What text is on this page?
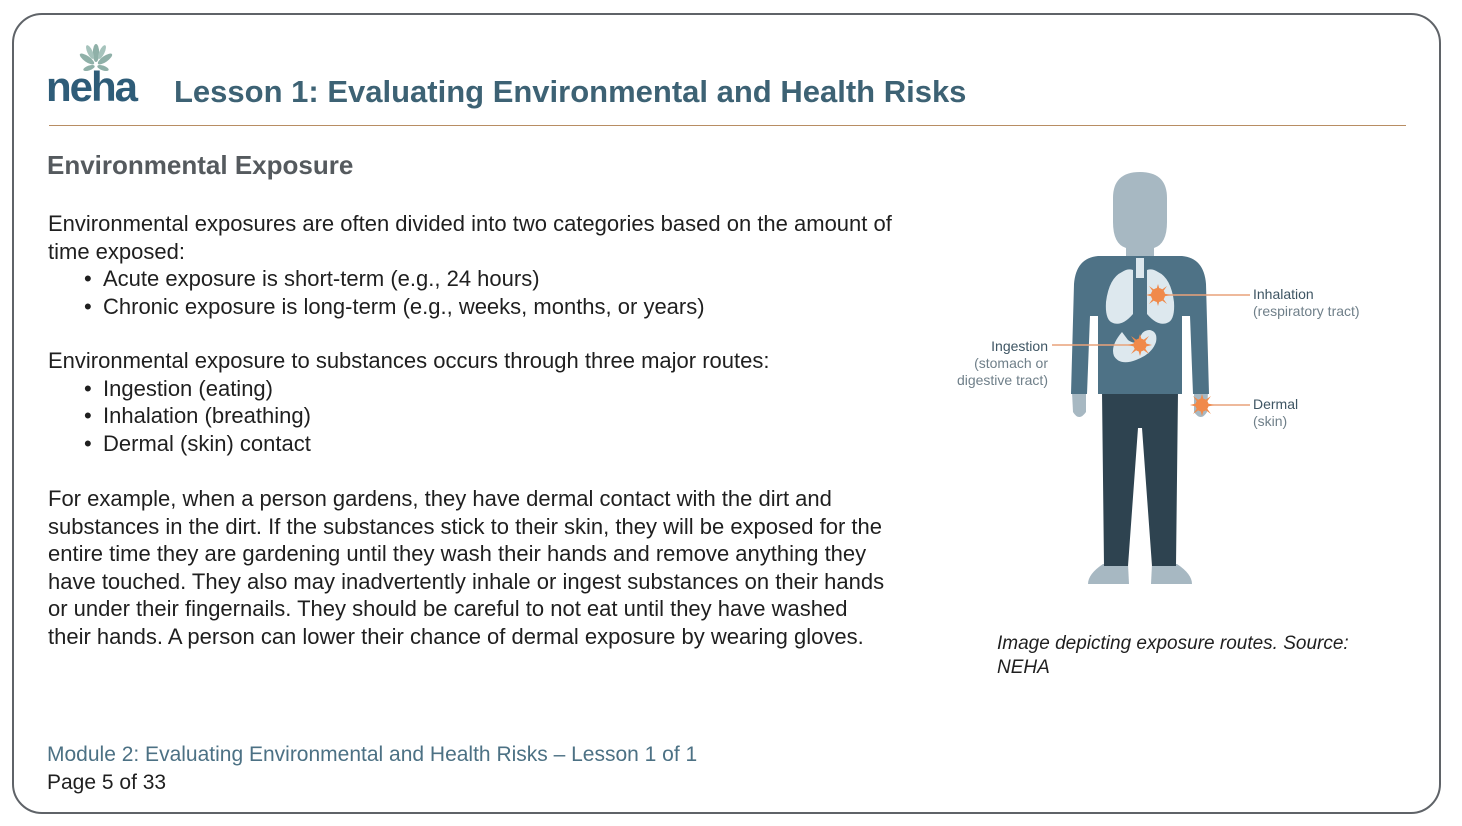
neha Lesson 1: Evaluating Environmental and Health Risks
Environmental Exposure
Environmental exposures are often divided into two categories based on the amount of time exposed:
• Acute exposure is short-term (e.g., 24 hours)
• Chronic exposure is long-term (e.g., weeks, months, or years)
Environmental exposure to substances occurs through three major routes:
• Ingestion (eating)
• Inhalation (breathing)
• Dermal (skin) contact
For example, when a person gardens, they have dermal contact with the dirt and substances in the dirt. If the substances stick to their skin, they will be exposed for the entire time they are gardening until they wash their hands and remove anything they have touched. They also may inadvertently inhale or ingest substances on their hands or under their fingernails. They should be careful to not eat until they have washed their hands. A person can lower their chance of dermal exposure by wearing gloves.
Inhalation
(respiratory tract)
Ingestion
(stomach or
digestive tract)
Dermal
(skin)
Image depicting exposure routes. Source: NEHA
Module 2: Evaluating Environmental and Health Risks – Lesson 1 of 1
Page 5 of 33
